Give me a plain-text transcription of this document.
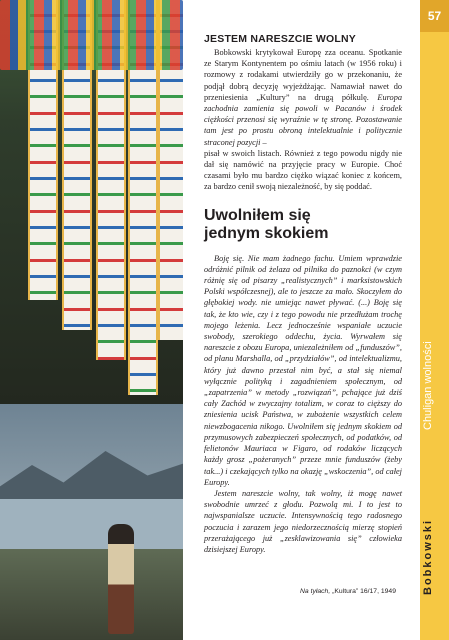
57
Chuligan wolności
Bobkowski
JESTEM NARESZCIE WOLNY

Bobkowski krytykował Europę zza oceanu. Spotkanie ze Starym Kontynentem po ośmiu latach (w 1956 roku) i rozmowy z rodakami utwierdziły go w przekonaniu, że podjął dobrą decyzję wyjeżdżając. Namawiał nawet do przeniesienia „Kultury” na drugą półkulę. Europa zachodnia zamienia się powoli w Pacanów i środek ciężkości przenosi się wyraźnie w tę stronę. Pozostawanie tam jest po prostu obroną intelektualnie i politycznie straconej pozycji –

pisał w swoich listach. Również z tego powodu nigdy nie dał się namówić na przyjęcie pracy w Europie. Choć czasami było mu bardzo ciężko wiązać koniec z końcem, za bardzo cenił swoją niezależność, by się poddać.

Uwolniłem się
jednym skokiem

Boję się. Nie mam żadnego fachu. Umiem wprawdzie odróżnić pilnik od żelaza od pilnika do paznokci (w czym różnię się od pisarzy „realistycznych” i marksistowskich Polski współczesnej), ale to jeszcze za mało. Skoczyłem do głębokiej wody. nie umiejąc nawet pływać. (...) Boję się tak, że kto wie, czy i z tego powodu nie przedłużam trochę mojego leżenia. Lecz jednocześnie wspaniałe uczucie swobody, szerokiego oddechu, życia. Wyrwałem się nareszcie z obozu Europa, uniezależniłem od „funduszów”, od planu Marshalla, od „przydziałów”, od intelektualizmu, który już dawno przestał nim być, a stał się niemal wyłącznie polityką i zagadnieniem społecznym, od „zapatrzenia” w metody „rozwiązań”, pchające już dziś cały Zachód w zwyczajny totalizm, w coraz to cięższy do zniesienia ucisk Państwa, w zubożenie wszystkich celem niewzbogacenia nikogo. Uwolniłem się jednym skokiem od przymusowych zabezpieczeń społecznych, od podatków, od felietonów Mauriaca w Figaro, od rodaków liczących każdy grosz „pożeranych” przeze mnie funduszów (żeby tak...) i czekających tylko na okazję „wskoczenia”, od całej Europy.

Jestem nareszcie wolny, tak wolny, iż mogę nawet swobodnie umrzeć z głodu. Pozwolą mi. I to jest to najwspanialsze uczucie. Intensywnością tego radosnego poczucia i zarazem jego niedorzecznością mierzę stopień przerażającego już „zesklawizowania się” człowieka dzisiejszej Europy.

Na tyłach, „Kultura” 16/17, 1949
